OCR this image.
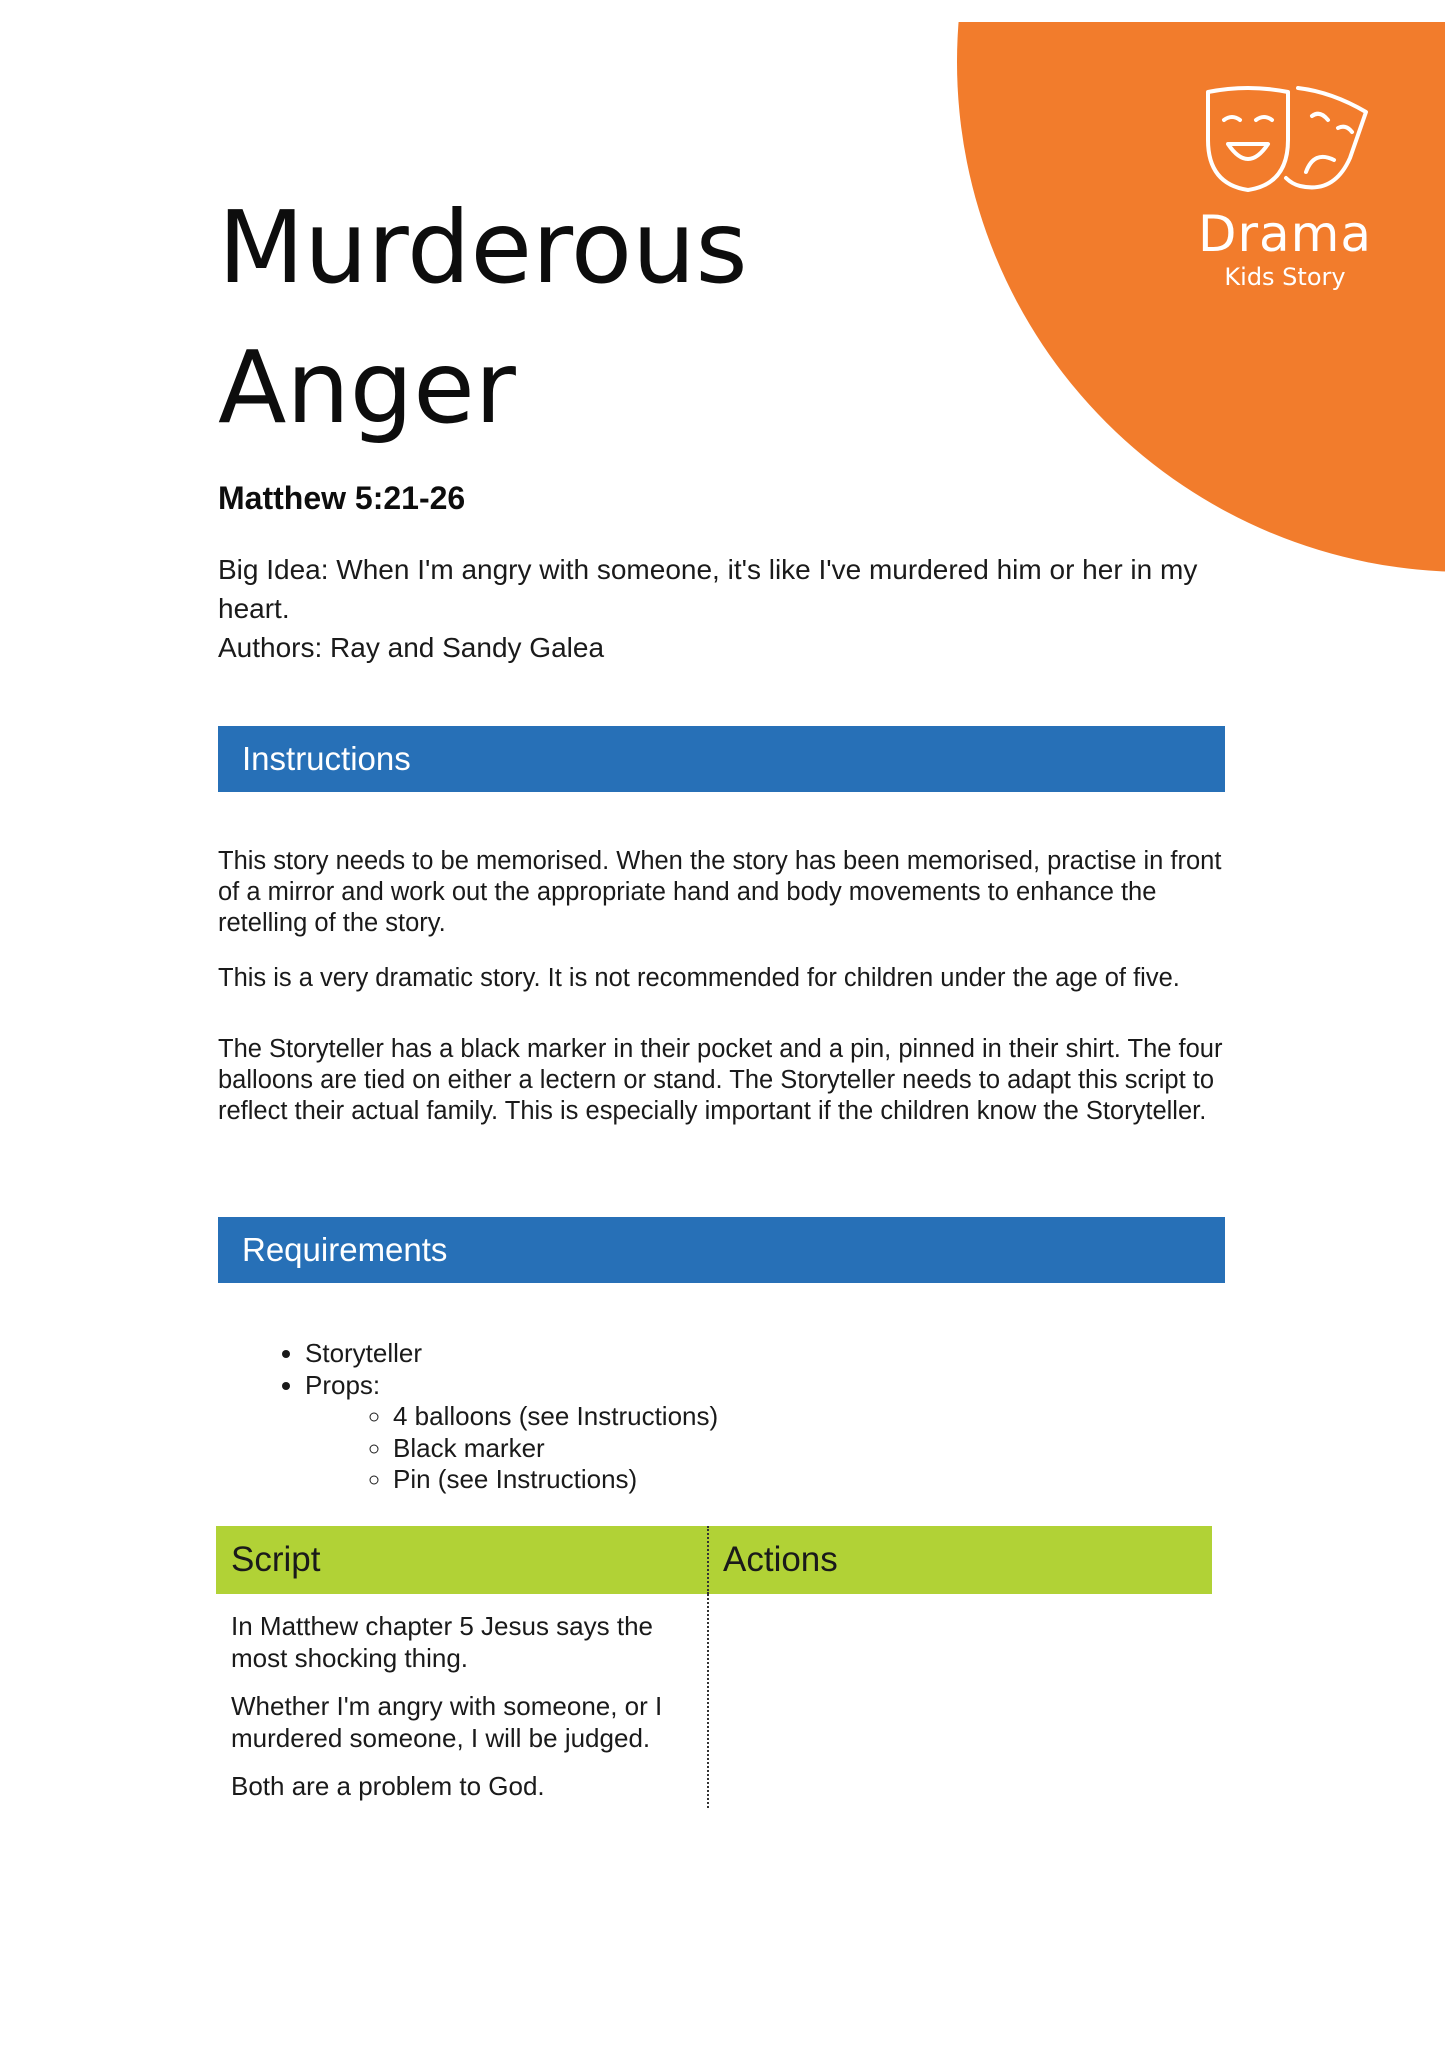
Drama
Kids Story
Murderous
Anger
Matthew 5:21-26
Big Idea: When I'm angry with someone, it's like I've murdered him or her in my heart.
Authors: Ray and Sandy Galea
Instructions

This story needs to be memorised. When the story has been memorised, practise in front of a mirror and work out the appropriate hand and body movements to enhance the retelling of the story.

This is a very dramatic story. It is not recommended for children under the age of five.

The Storyteller has a black marker in their pocket and a pin, pinned in their shirt. The four balloons are tied on either a lectern or stand. The Storyteller needs to adapt this script to reflect their actual family. This is especially important if the children know the Storyteller.

Requirements
• Storyteller
• Props:
◦ 4 balloons (see Instructions)
◦ Black marker
◦ Pin (see Instructions)
Script	Actions

In Matthew chapter 5 Jesus says the most shocking thing.

Whether I'm angry with someone, or I murdered someone, I will be judged.

Both are a problem to God.
